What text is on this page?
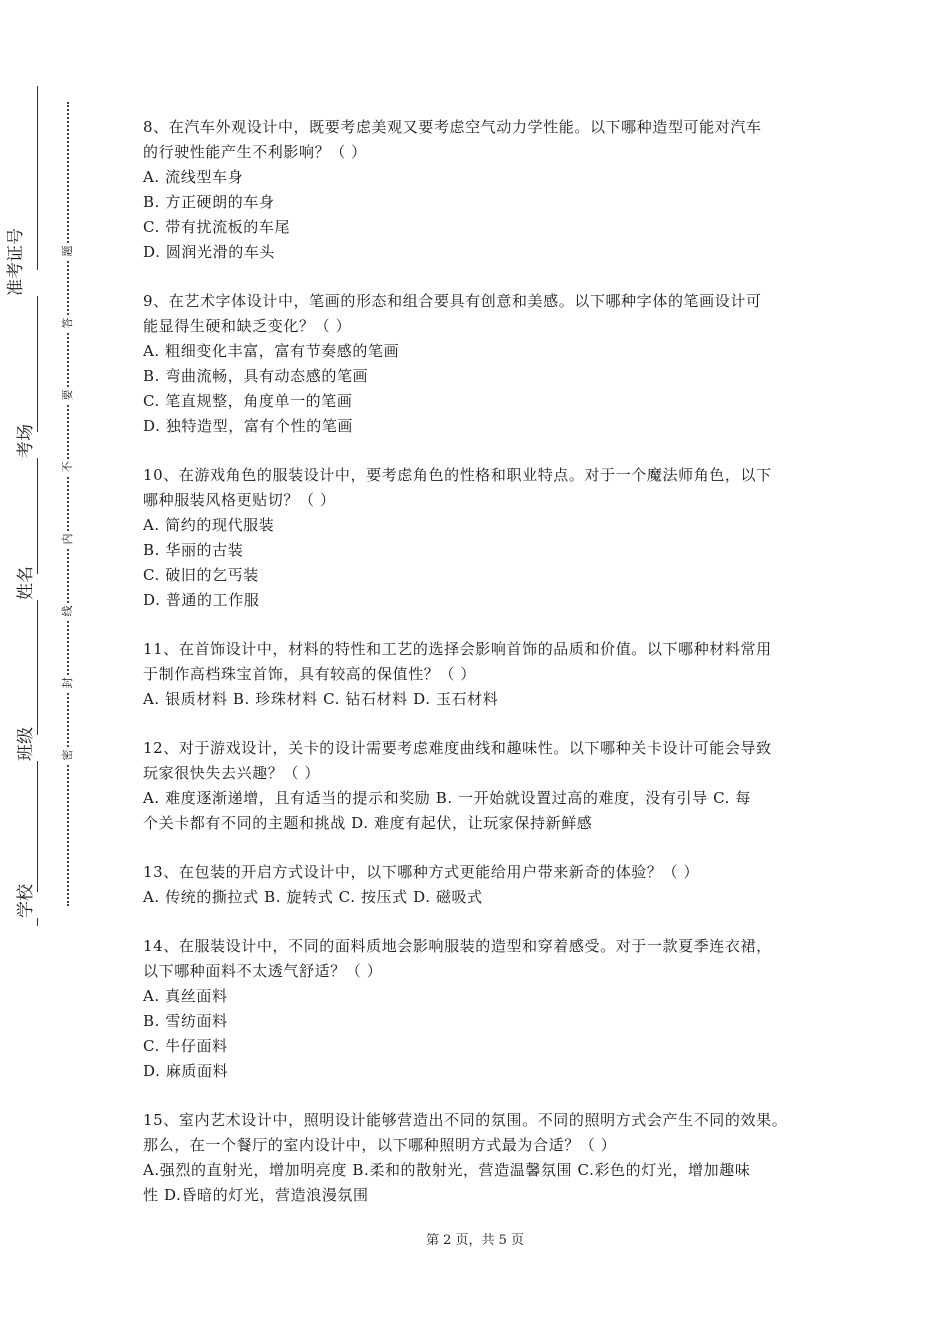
准考证号
考场
姓名
班级
学校
题
答
要
不
内
线
封
密

8、在汽车外观设计中，既要考虑美观又要考虑空气动力学性能。以下哪种造型可能对汽车

的行驶性能产生不利影响？（ ）

A. 流线型车身

B. 方正硬朗的车身

C. 带有扰流板的车尾

D. 圆润光滑的车头

9、在艺术字体设计中，笔画的形态和组合要具有创意和美感。以下哪种字体的笔画设计可

能显得生硬和缺乏变化？（ ）

A. 粗细变化丰富，富有节奏感的笔画

B. 弯曲流畅，具有动态感的笔画

C. 笔直规整，角度单一的笔画

D. 独特造型，富有个性的笔画

10、在游戏角色的服装设计中，要考虑角色的性格和职业特点。对于一个魔法师角色，以下

哪种服装风格更贴切？（ ）

A. 简约的现代服装

B. 华丽的古装

C. 破旧的乞丐装

D. 普通的工作服

11、在首饰设计中，材料的特性和工艺的选择会影响首饰的品质和价值。以下哪种材料常用

于制作高档珠宝首饰，具有较高的保值性？（ ）

A. 银质材料 B. 珍珠材料 C. 钻石材料 D. 玉石材料

12、对于游戏设计，关卡的设计需要考虑难度曲线和趣味性。以下哪种关卡设计可能会导致

玩家很快失去兴趣？（ ）

A. 难度逐渐递增，且有适当的提示和奖励 B. 一开始就设置过高的难度，没有引导 C. 每

个关卡都有不同的主题和挑战 D. 难度有起伏，让玩家保持新鲜感

13、在包装的开启方式设计中，以下哪种方式更能给用户带来新奇的体验？（ ）

A. 传统的撕拉式 B. 旋转式 C. 按压式 D. 磁吸式

14、在服装设计中，不同的面料质地会影响服装的造型和穿着感受。对于一款夏季连衣裙，

以下哪种面料不太透气舒适？（ ）

A. 真丝面料

B. 雪纺面料

C. 牛仔面料

D. 麻质面料

15、室内艺术设计中，照明设计能够营造出不同的氛围。不同的照明方式会产生不同的效果。

那么，在一个餐厅的室内设计中，以下哪种照明方式最为合适？（ ）

A.强烈的直射光，增加明亮度 B.柔和的散射光，营造温馨氛围 C.彩色的灯光，增加趣味

性 D.昏暗的灯光，营造浪漫氛围

第 2 页，共 5 页
